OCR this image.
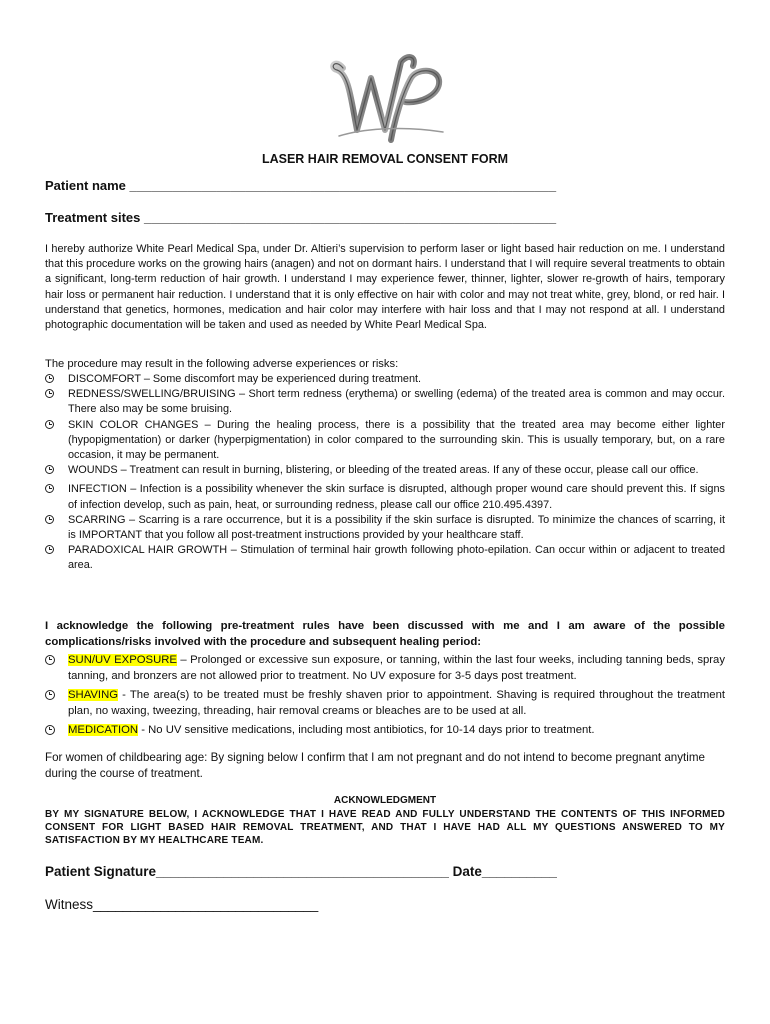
LASER HAIR REMOVAL CONSENT FORM
Patient name ___________________________________________________________
Treatment sites _________________________________________________________
I hereby authorize White Pearl Medical Spa, under Dr. Altieri’s supervision to perform laser or light based hair reduction on me. I understand that this procedure works on the growing hairs (anagen) and not on dormant hairs. I understand that I will require several treatments to obtain a significant, long-term reduction of hair growth. I understand I may experience fewer, thinner, lighter, slower re-growth of hairs, temporary hair loss or permanent hair reduction. I understand that it is only effective on hair with color and may not treat white, grey, blond, or red hair. I understand that genetics, hormones, medication and hair color may interfere with hair loss and that I may not respond at all. I understand photographic documentation will be taken and used as needed by White Pearl Medical Spa.
The procedure may result in the following adverse experiences or risks:
DISCOMFORT – Some discomfort may be experienced during treatment.
REDNESS/SWELLING/BRUISING – Short term redness (erythema) or swelling (edema) of the treated area is common and may occur. There also may be some bruising.
SKIN COLOR CHANGES – During the healing process, there is a possibility that the treated area may become either lighter (hypopigmentation) or darker (hyperpigmentation) in color compared to the surrounding skin. This is usually temporary, but, on a rare occasion, it may be permanent.
WOUNDS – Treatment can result in burning, blistering, or bleeding of the treated areas. If any of these occur, please call our office.
INFECTION – Infection is a possibility whenever the skin surface is disrupted, although proper wound care should prevent this. If signs of infection develop, such as pain, heat, or surrounding redness, please call our office 210.495.4397.
SCARRING – Scarring is a rare occurrence, but it is a possibility if the skin surface is disrupted. To minimize the chances of scarring, it is IMPORTANT that you follow all post-treatment instructions provided by your healthcare staff.
PARADOXICAL HAIR GROWTH – Stimulation of terminal hair growth following photo-epilation. Can occur within or adjacent to treated area.
I acknowledge the following pre-treatment rules have been discussed with me and I am aware of the possible complications/risks involved with the procedure and subsequent healing period:
SUN/UV EXPOSURE – Prolonged or excessive sun exposure, or tanning, within the last four weeks, including tanning beds, spray tanning, and bronzers are not allowed prior to treatment. No UV exposure for 3-5 days post treatment.
SHAVING - The area(s) to be treated must be freshly shaven prior to appointment. Shaving is required throughout the treatment plan, no waxing, tweezing, threading, hair removal creams or bleaches are to be used at all.
MEDICATION - No UV sensitive medications, including most antibiotics, for 10-14 days prior to treatment.
For women of childbearing age: By signing below I confirm that I am not pregnant and do not intend to become pregnant anytime during the course of treatment.
ACKNOWLEDGMENT
BY MY SIGNATURE BELOW, I ACKNOWLEDGE THAT I HAVE READ AND FULLY UNDERSTAND THE CONTENTS OF THIS INFORMED CONSENT FOR LIGHT BASED HAIR REMOVAL TREATMENT, AND THAT I HAVE HAD ALL MY QUESTIONS ANSWERED TO MY SATISFACTION BY MY HEALTHCARE TEAM.
Patient Signature_______________________________________ Date__________
Witness______________________________
